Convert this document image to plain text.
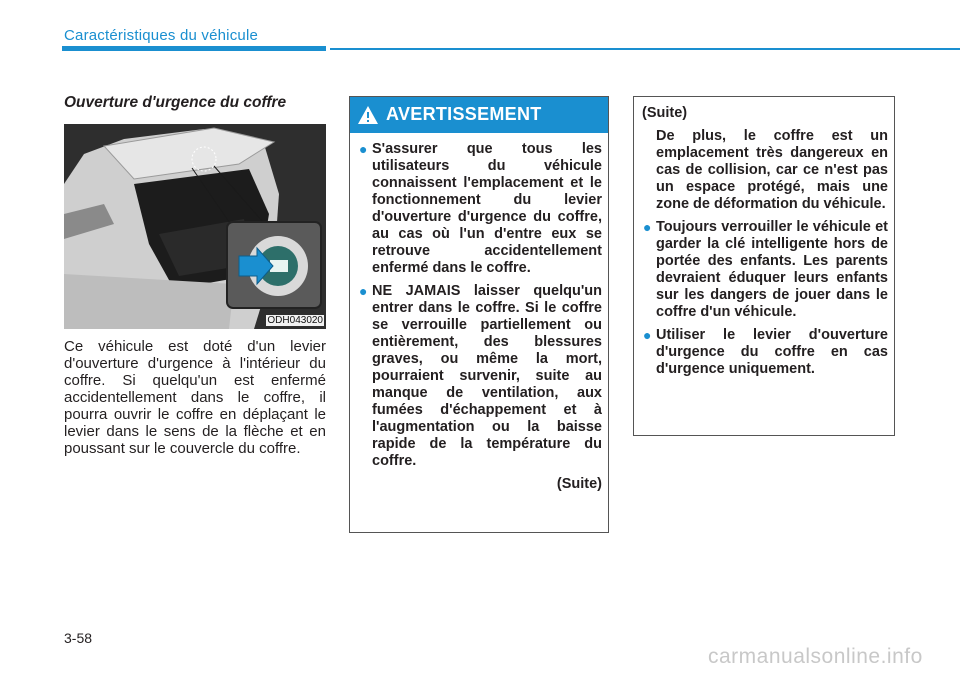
Caractéristiques du véhicule
Ouverture d'urgence du coffre
ODH043020
Ce véhicule est doté d'un levier d'ouverture d'urgence à l'intérieur du coffre. Si quelqu'un est enfermé accidentellement dans le coffre, il pourra ouvrir le coffre en déplaçant le levier dans le sens de la flèche et en poussant sur le couvercle du coffre.
AVERTISSEMENT
● S'assurer que tous les utilisateurs du véhicule connaissent l'emplacement et le fonctionnement du levier d'ouverture d'urgence du coffre, au cas où l'un d'entre eux se retrouve accidentellement enfermé dans le coffre.
● NE JAMAIS laisser quelqu'un entrer dans le coffre. Si le coffre se verrouille partiellement ou entièrement, des blessures graves, ou même la mort, pourraient survenir, suite au manque de ventilation, aux fumées d'échappement et à l'augmentation ou la baisse rapide de la température du coffre.
(Suite)
(Suite)
De plus, le coffre est un emplacement très dangereux en cas de collision, car ce n'est pas un espace protégé, mais une zone de déformation du véhicule.
● Toujours verrouiller le véhicule et garder la clé intelligente hors de portée des enfants. Les parents devraient éduquer leurs enfants sur les dangers de jouer dans le coffre d'un véhicule.
● Utiliser le levier d'ouverture d'urgence du coffre en cas d'urgence uniquement.
3-58
carmanualsonline.info
